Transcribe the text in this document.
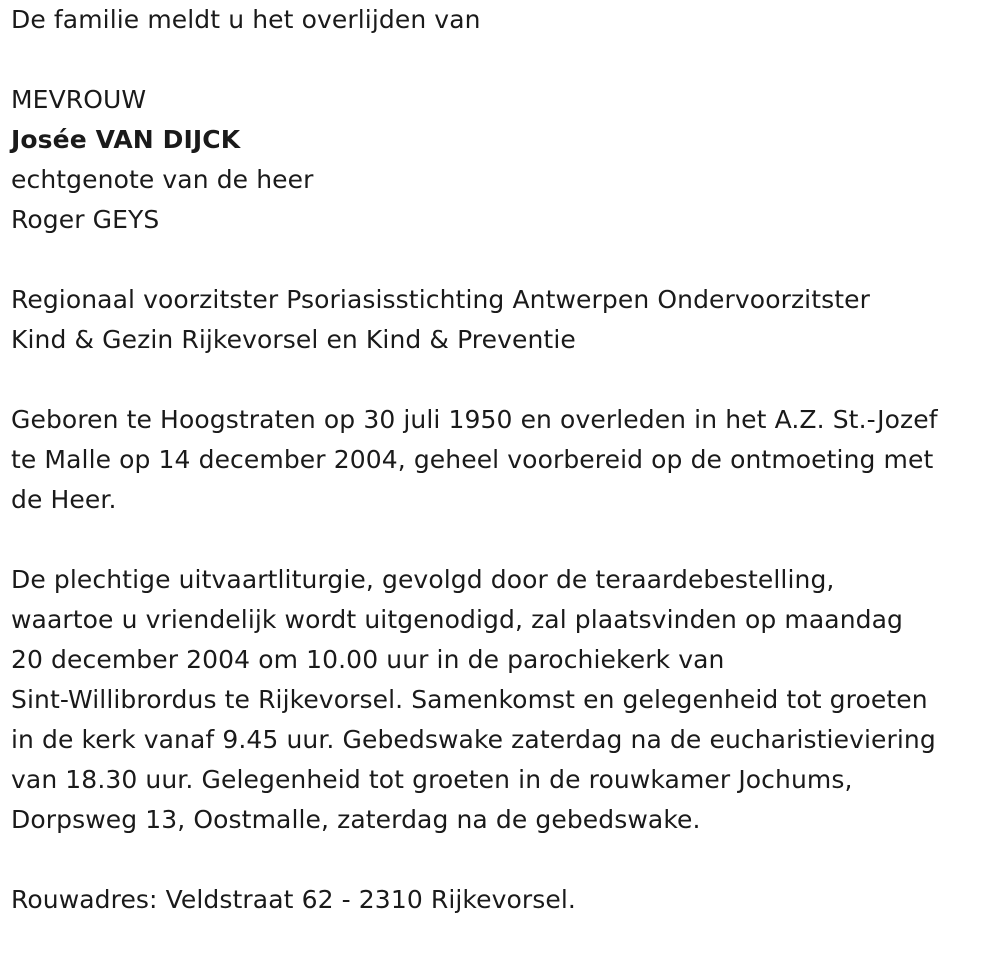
De familie meldt u het overlijden van
MEVROUW
Josée VAN DIJCK
echtgenote van de heer
Roger GEYS
Regionaal voorzitster Psoriasisstichting Antwerpen Ondervoorzitster
Kind & Gezin Rijkevorsel en Kind & Preventie
Geboren te Hoogstraten op 30 juli 1950 en overleden in het A.Z. St.-Jozef
te Malle op 14 december 2004, geheel voorbereid op de ontmoeting met
de Heer.
De plechtige uitvaartliturgie, gevolgd door de teraardebestelling,
waartoe u vriendelijk wordt uitgenodigd, zal plaatsvinden op maandag
20 december 2004 om 10.00 uur in de parochiekerk van
Sint-Willibrordus te Rijkevorsel. Samenkomst en gelegenheid tot groeten
in de kerk vanaf 9.45 uur. Gebedswake zaterdag na de eucharistieviering
van 18.30 uur. Gelegenheid tot groeten in de rouwkamer Jochums,
Dorpsweg 13, Oostmalle, zaterdag na de gebedswake.
Rouwadres: Veldstraat 62 - 2310 Rijkevorsel.
